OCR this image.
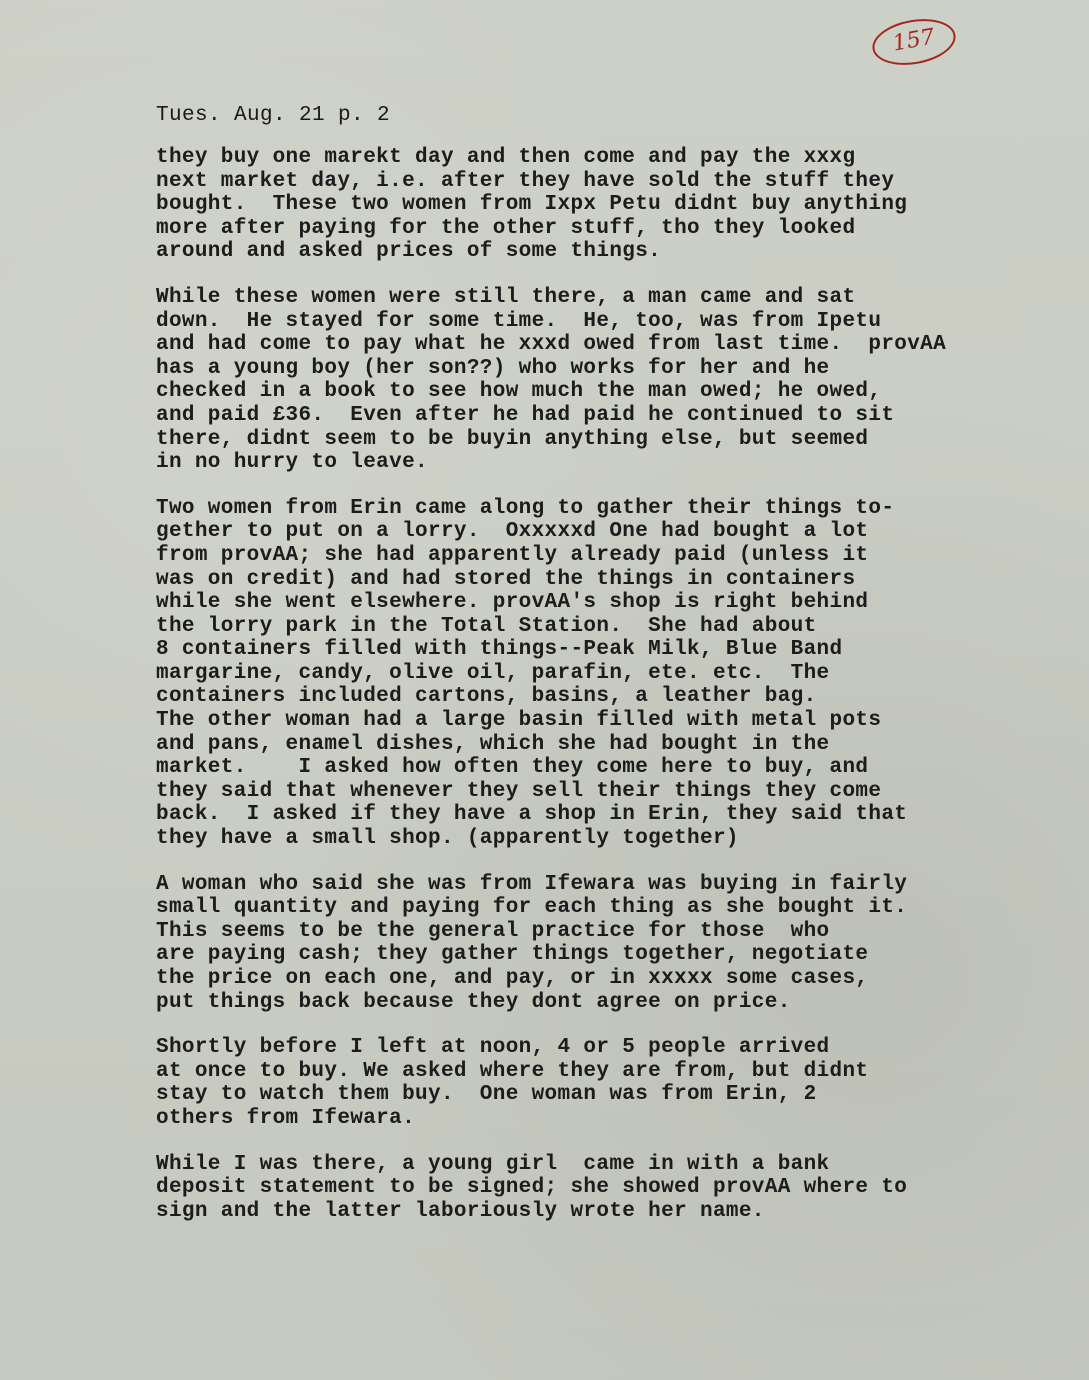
157
Tues. Aug. 21 p. 2
they buy one marekt day and then come and pay the xxxg
next market day, i.e. after they have sold the stuff they
bought.  These two women from Ixpx Petu didnt buy anything
more after paying for the other stuff, tho they looked
around and asked prices of some things.
While these women were still there, a man came and sat
down.  He stayed for some time.  He, too, was from Ipetu
and had come to pay what he xxxd owed from last time.  provAA
has a young boy (her son??) who works for her and he
checked in a book to see how much the man owed; he owed,
and paid £36.  Even after he had paid he continued to sit
there, didnt seem to be buyin anything else, but seemed
in no hurry to leave.
Two women from Erin came along to gather their things to-
gether to put on a lorry.  Oxxxxxd One had bought a lot
from provAA; she had apparently already paid (unless it
was on credit) and had stored the things in containers
while she went elsewhere. provAA's shop is right behind
the lorry park in the Total Station.  She had about
8 containers filled with things--Peak Milk, Blue Band
margarine, candy, olive oil, parafin, ete. etc.  The
containers included cartons, basins, a leather bag.
The other woman had a large basin filled with metal pots
and pans, enamel dishes, which she had bought in the
market.    I asked how often they come here to buy, and
they said that whenever they sell their things they come
back.  I asked if they have a shop in Erin, they said that
they have a small shop. (apparently together)
A woman who said she was from Ifewara was buying in fairly
small quantity and paying for each thing as she bought it.
This seems to be the general practice for those  who
are paying cash; they gather things together, negotiate
the price on each one, and pay, or in xxxxx some cases,
put things back because they dont agree on price.
Shortly before I left at noon, 4 or 5 people arrived
at once to buy. We asked where they are from, but didnt
stay to watch them buy.  One woman was from Erin, 2
others from Ifewara.
While I was there, a young girl  came in with a bank
deposit statement to be signed; she showed provAA where to
sign and the latter laboriously wrote her name.
